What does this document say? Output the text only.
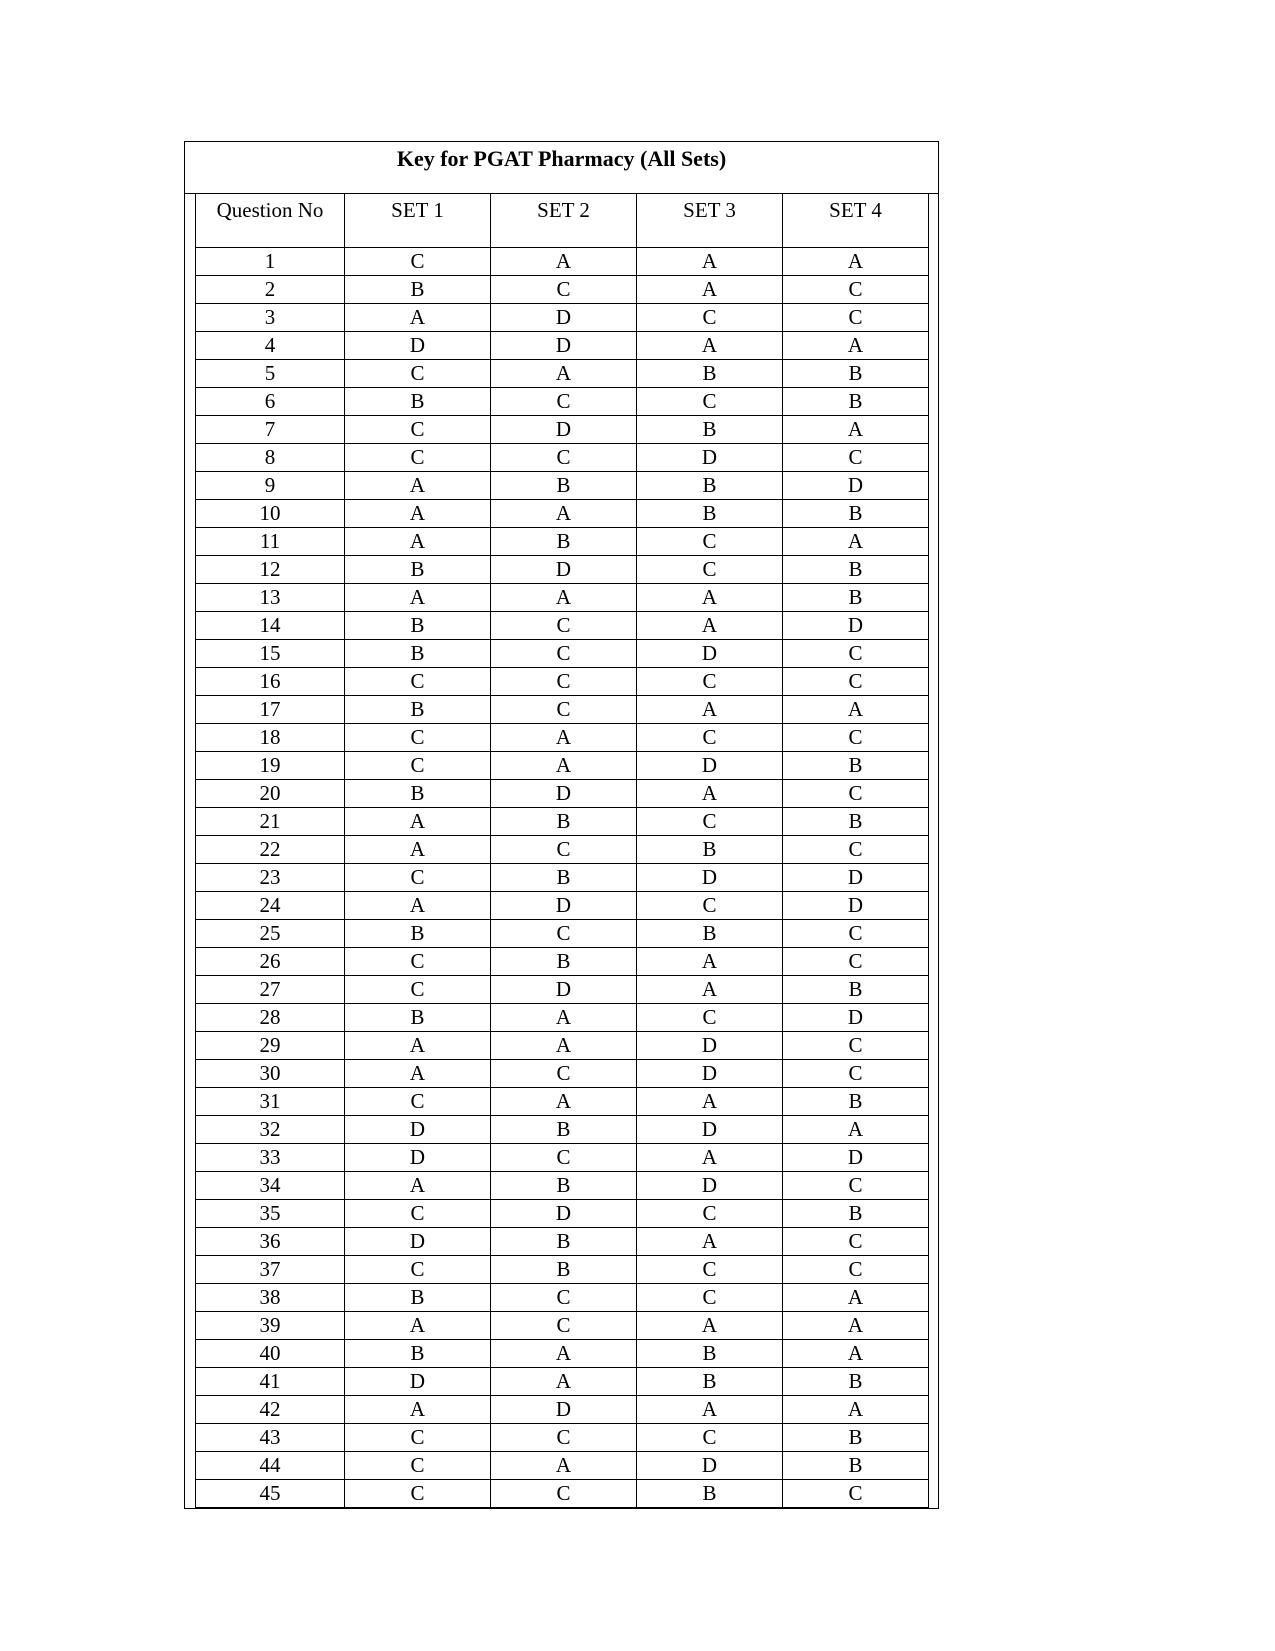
Key for PGAT Pharmacy (All Sets)
Question No	SET 1	SET 2	SET 3	SET 4
1	C	A	A	A
2	B	C	A	C
3	A	D	C	C
4	D	D	A	A
5	C	A	B	B
6	B	C	C	B
7	C	D	B	A
8	C	C	D	C
9	A	B	B	D
10	A	A	B	B
11	A	B	C	A
12	B	D	C	B
13	A	A	A	B
14	B	C	A	D
15	B	C	D	C
16	C	C	C	C
17	B	C	A	A
18	C	A	C	C
19	C	A	D	B
20	B	D	A	C
21	A	B	C	B
22	A	C	B	C
23	C	B	D	D
24	A	D	C	D
25	B	C	B	C
26	C	B	A	C
27	C	D	A	B
28	B	A	C	D
29	A	A	D	C
30	A	C	D	C
31	C	A	A	B
32	D	B	D	A
33	D	C	A	D
34	A	B	D	C
35	C	D	C	B
36	D	B	A	C
37	C	B	C	C
38	B	C	C	A
39	A	C	A	A
40	B	A	B	A
41	D	A	B	B
42	A	D	A	A
43	C	C	C	B
44	C	A	D	B
45	C	C	B	C
